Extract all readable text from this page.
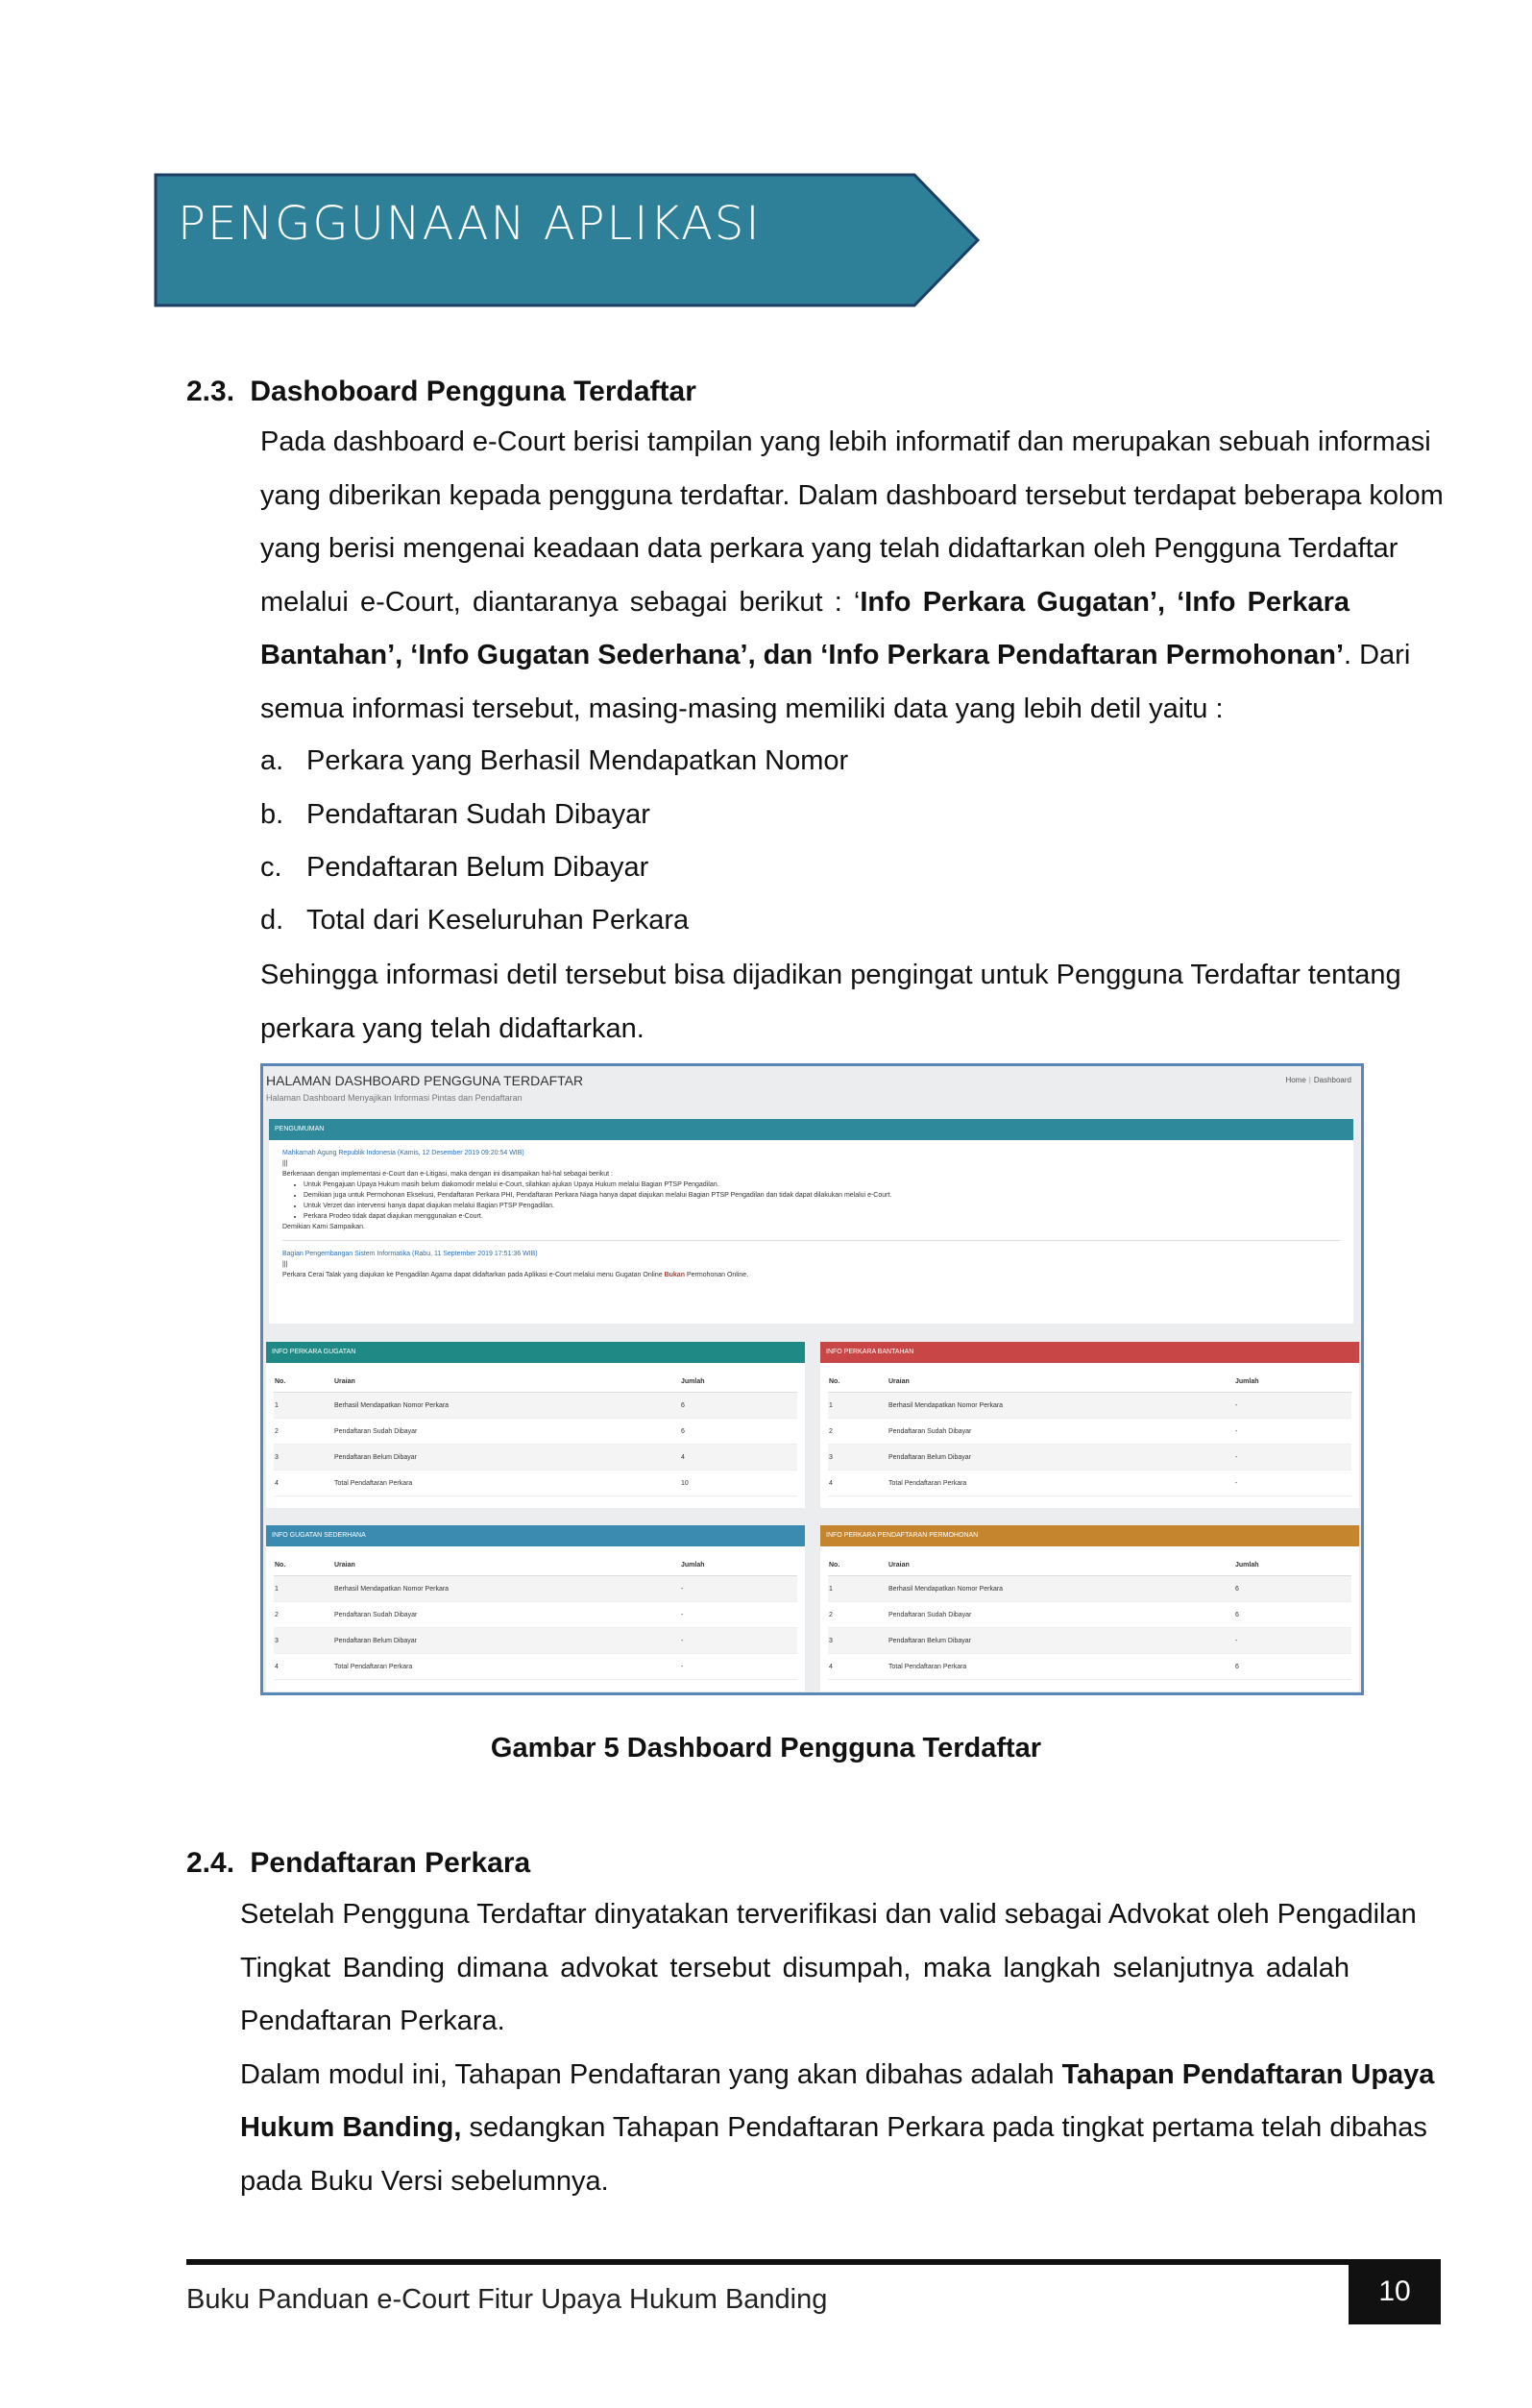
PENGGUNAAN APLIKASI
2.3. Dashoboard Pengguna Terdaftar
Pada dashboard e-Court berisi tampilan yang lebih informatif dan merupakan sebuah informasi
yang diberikan kepada pengguna terdaftar. Dalam dashboard tersebut terdapat beberapa kolom
yang berisi mengenai keadaan data perkara yang telah didaftarkan oleh Pengguna Terdaftar
melalui e-Court, diantaranya sebagai berikut : ‘Info Perkara Gugatan’, ‘Info Perkara
Bantahan’, ‘Info Gugatan Sederhana’, dan ‘Info Perkara Pendaftaran Permohonan’. Dari
semua informasi tersebut, masing-masing memiliki data yang lebih detil yaitu :
a. Perkara yang Berhasil Mendapatkan Nomor
b. Pendaftaran Sudah Dibayar
c. Pendaftaran Belum Dibayar
d. Total dari Keseluruhan Perkara
Sehingga informasi detil tersebut bisa dijadikan pengingat untuk Pengguna Terdaftar tentang
perkara yang telah didaftarkan.
HALAMAN DASHBOARD PENGGUNA TERDAFTAR
Halaman Dashboard Menyajikan Informasi Pintas dan Pendaftaran
Home | Dashboard
PENGUMUMAN
Mahkamah Agung Republik Indonesia (Kamis, 12 Desember 2019 09:20:54 WIB)
|||
Berkenaan dengan implementasi e-Court dan e-Litigasi, maka dengan ini disampaikan hal-hal sebagai berikut :
• Untuk Pengajuan Upaya Hukum masih belum diakomodir melalui e-Court, silahkan ajukan Upaya Hukum melalui Bagian PTSP Pengadilan.
• Demikian juga untuk Permohonan Eksekusi, Pendaftaran Perkara PHI, Pendaftaran Perkara Niaga hanya dapat diajukan melalui Bagian PTSP Pengadilan dan tidak dapat dilakukan melalui e-Court.
• Untuk Verzet dan intervensi hanya dapat diajukan melalui Bagian PTSP Pengadilan.
• Perkara Prodeo tidak dapat diajukan menggunakan e-Court.
Demikian Kami Sampaikan.
Bagian Pengembangan Sistem Informatika (Rabu, 11 September 2019 17:51:36 WIB)
|||
Perkara Cerai Talak yang diajukan ke Pengadilan Agama dapat didaftarkan pada Aplikasi e-Court melalui menu Gugatan Online Bukan Permohonan Online.
INFO PERKARA GUGATAN
No.	Uraian	Jumlah
1	Berhasil Mendapatkan Nomor Perkara	6
2	Pendaftaran Sudah Dibayar	6
3	Pendaftaran Belum Dibayar	4
4	Total Pendaftaran Perkara	10
INFO PERKARA BANTAHAN
No.	Uraian	Jumlah
1	Berhasil Mendapatkan Nomor Perkara	-
2	Pendaftaran Sudah Dibayar	-
3	Pendaftaran Belum Dibayar	-
4	Total Pendaftaran Perkara	-
INFO GUGATAN SEDERHANA
No.	Uraian	Jumlah
1	Berhasil Mendapatkan Nomor Perkara	-
2	Pendaftaran Sudah Dibayar	-
3	Pendaftaran Belum Dibayar	-
4	Total Pendaftaran Perkara	-
INFO PERKARA PENDAFTARAN PERMOHONAN
No.	Uraian	Jumlah
1	Berhasil Mendapatkan Nomor Perkara	6
2	Pendaftaran Sudah Dibayar	6
3	Pendaftaran Belum Dibayar	-
4	Total Pendaftaran Perkara	6
Gambar 5 Dashboard Pengguna Terdaftar
2.4. Pendaftaran Perkara
Setelah Pengguna Terdaftar dinyatakan terverifikasi dan valid sebagai Advokat oleh Pengadilan
Tingkat Banding dimana advokat tersebut disumpah, maka langkah selanjutnya adalah
Pendaftaran Perkara.
Dalam modul ini, Tahapan Pendaftaran yang akan dibahas adalah Tahapan Pendaftaran Upaya
Hukum Banding, sedangkan Tahapan Pendaftaran Perkara pada tingkat pertama telah dibahas
pada Buku Versi sebelumnya.
Buku Panduan e-Court Fitur Upaya Hukum Banding	10
